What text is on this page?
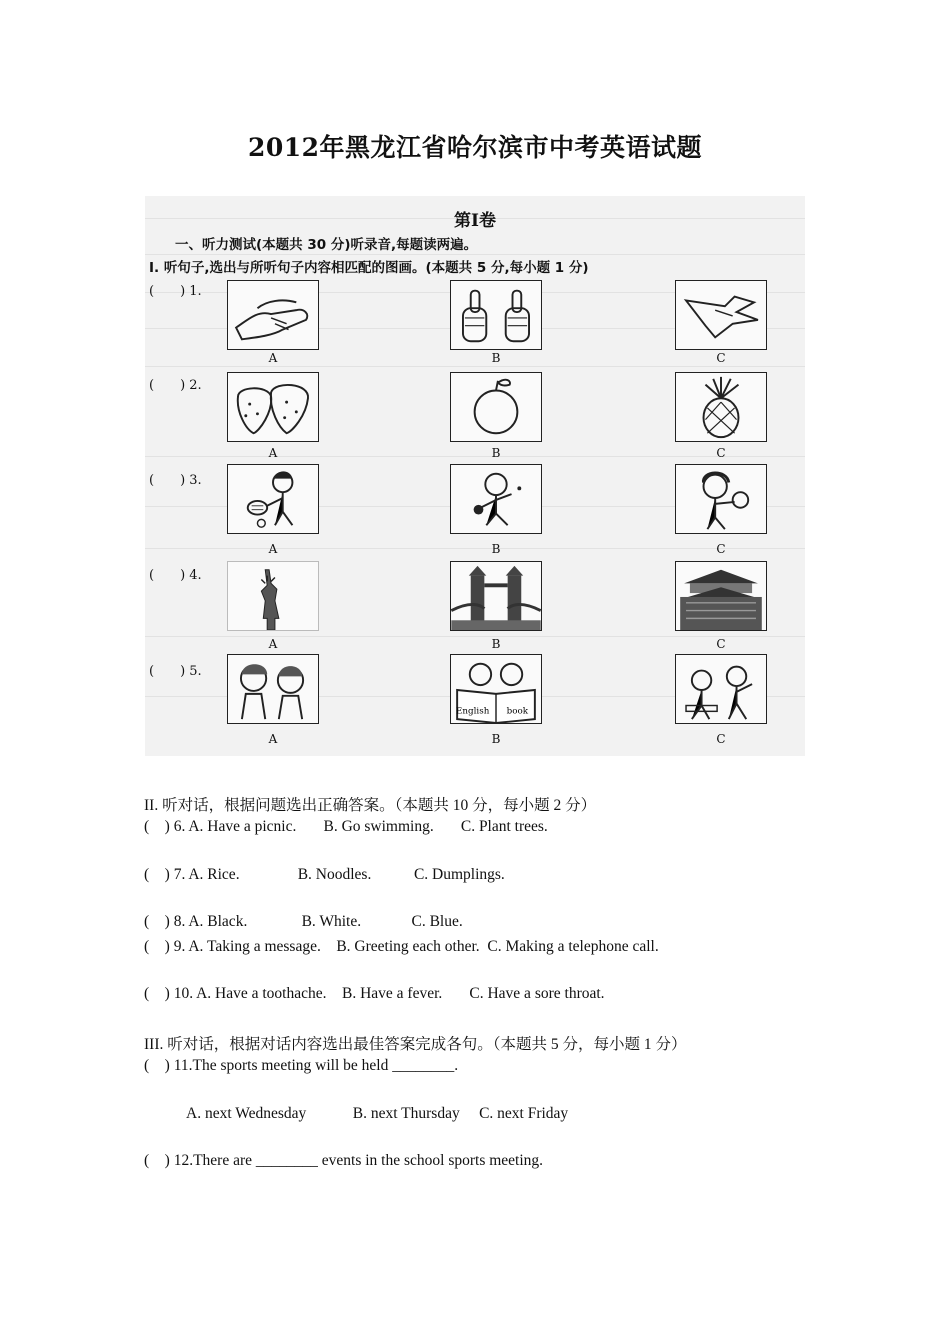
2012年黑龙江省哈尔滨市中考英语试题
第Ⅰ卷
一、听力测试(本题共 30 分)听录音,每题读两遍。
I. 听句子,选出与所听句子内容相匹配的图画。(本题共 5 分,每小题 1 分)
(　　) 1.
(　　) 2.
(　　) 3.
(　　) 4.
(　　) 5.
A	B	C
A	B	C
A	B	C
A	B	C
English book
A	B	C
II. 听对话，根据问题选出正确答案。（本题共 10 分，每小题 2 分）
(    ) 6. A. Have a picnic.       B. Go swimming.       C. Plant trees.
(    ) 7. A. Rice.               B. Noodles.           C. Dumplings.
(    ) 8. A. Black.              B. White.             C. Blue.
(    ) 9. A. Taking a message.    B. Greeting each other.  C. Making a telephone call.
(    ) 10. A. Have a toothache.    B. Have a fever.       C. Have a sore throat.
III. 听对话，根据对话内容选出最佳答案完成各句。（本题共 5 分，每小题 1 分）
(    ) 11.The sports meeting will be held ________.
A. next Wednesday            B. next Thursday     C. next Friday
(    ) 12.There are ________ events in the school sports meeting.
